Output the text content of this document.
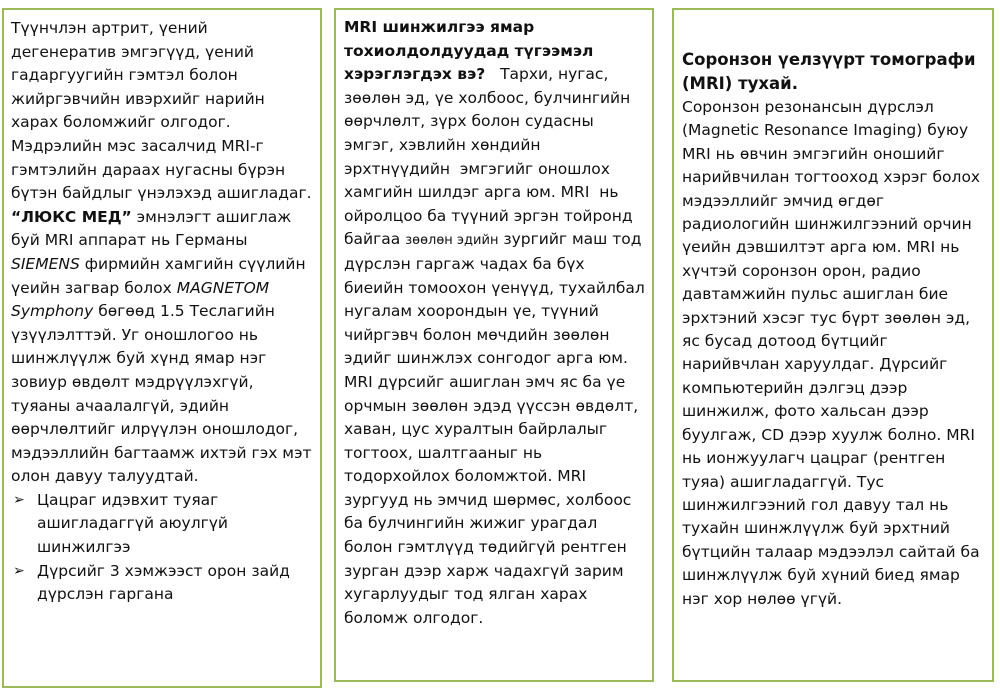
Түүнчлэн артрит, үений дегенератив эмгэгүүд, үений гадаргуугийн гэмтэл болон жийргэвчийн ивэрхийг нарийн харах боломжийг олгодог. Мэдрэлийн мэс засалчид MRI-г гэмтэлийн дараах нугасны бүрэн бүтэн байдлыг үнэлэхэд ашигладаг.

“ЛЮКС МЕД” эмнэлэгт ашиглаж буй MRI аппарат нь Германы SIEMENS фирмийн хамгийн сүүлийн үеийн загвар болох MAGNETOM Symphony бөгөөд 1.5 Теслагийн үзүүлэлттэй. Уг оношлогоо нь шинжлүүлж буй хүнд ямар нэг зовиур өвдөлт мэдрүүлэхгүй, туяаны ачаалалгүй, эдийн өөрчлөлтийг илрүүлэн оношлодог, мэдээллийн багтаамж ихтэй гэх мэт олон давуу талуудтай.

➢ Цацраг идэвхит туяаг ашигладаггүй аюулгүй шинжилгээ
➢ Дүрсийг 3 хэмжээст орон зайд дүрслэн гаргана

MRI шинжилгээ ямар тохиолдолдуудад түгээмэл хэрэглэгдэх вэ?   Тархи, нугас, зөөлөн эд, үе холбоос, булчингийн өөрчлөлт, зүрх болон судасны эмгэг, хэвлийн хөндийн эрхтнүүдийн  эмгэгийг оношлох хамгийн шилдэг арга юм. MRI  нь ойролцоо ба түүний эргэн тойронд байгаа зөөлөн эдийн зургийг маш тод дүрслэн гаргаж чадах ба бүх биеийн томоохон үенүүд, тухайлбал нугалам хоорондын үе, түүний чийргэвч болон мөчдийн зөөлөн эдийг шинжлэх сонгодог арга юм. MRI дүрсийг ашиглан эмч яс ба үе орчмын зөөлөн эдэд үүссэн өвдөлт, хаван, цус хуралтын байрлалыг тогтоох, шалтгааныг нь тодорхойлох боломжтой. MRI зургууд нь эмчид шөрмөс, холбоос ба булчингийн жижиг урагдал болон гэмтлүүд төдийгүй рентген зурган дээр харж чадахгүй зарим хугарлуудыг тод ялган харах боломж олгодог.

Соронзон үелзүүрт томографи (MRI) тухай.

Соронзон резонансын дүрслэл (Magnetic Resonance Imaging) буюу MRI нь өвчин эмгэгийн оношийг нарийвчилан тогтооход хэрэг болох мэдээллийг эмчид өгдөг радиологийн шинжилгээний орчин үеийн дэвшилтэт арга юм. MRI нь хүчтэй соронзон орон, радио давтамжийн пульс ашиглан бие эрхтэний хэсэг тус бүрт зөөлөн эд, яс бусад дотоод бүтцийг нарийвчлан харуулдаг. Дүрсийг компьютерийн дэлгэц дээр шинжилж, фото хальсан дээр буулгаж, CD дээр хуулж болно. MRI нь ионжуулагч цацраг (рентген туяа) ашигладаггүй. Тус шинжилгээний гол давуу тал нь тухайн шинжлүүлж буй эрхтний бүтцийн талаар мэдээлэл сайтай ба шинжлүүлж буй хүний биед ямар нэг хор нөлөө үгүй.
